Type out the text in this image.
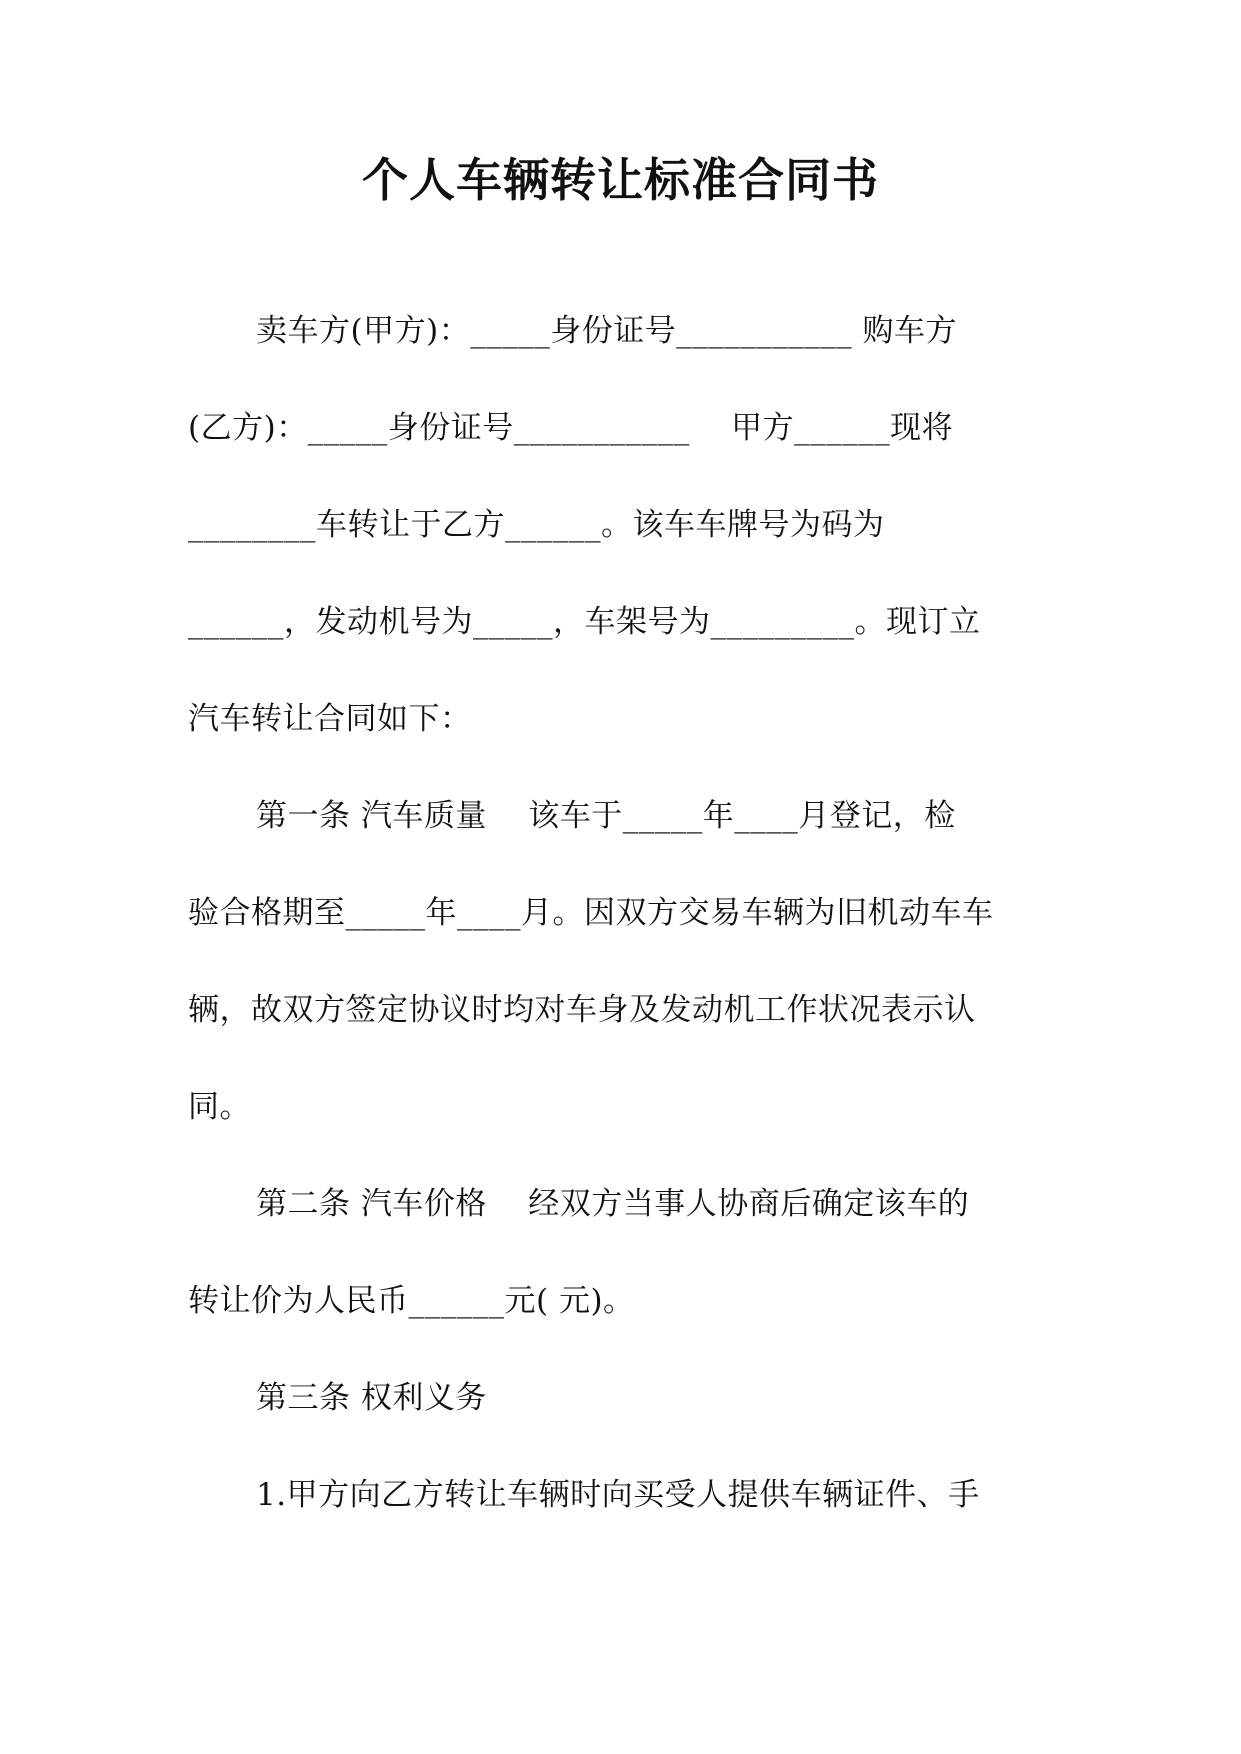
个人车辆转让标准合同书
卖车方(甲方)：_____身份证号___________ 购车方
(乙方)：_____身份证号___________    甲方______现将
________车转让于乙方______。该车车牌号为码为
______，发动机号为_____，车架号为_________。现订立
汽车转让合同如下：
第一条 汽车质量    该车于_____年____月登记，检
验合格期至_____年____月。因双方交易车辆为旧机动车车
辆，故双方签定协议时均对车身及发动机工作状况表示认
同。
第二条 汽车价格    经双方当事人协商后确定该车的
转让价为人民币______元( 元)。
第三条 权利义务
1.甲方向乙方转让车辆时向买受人提供车辆证件、手
